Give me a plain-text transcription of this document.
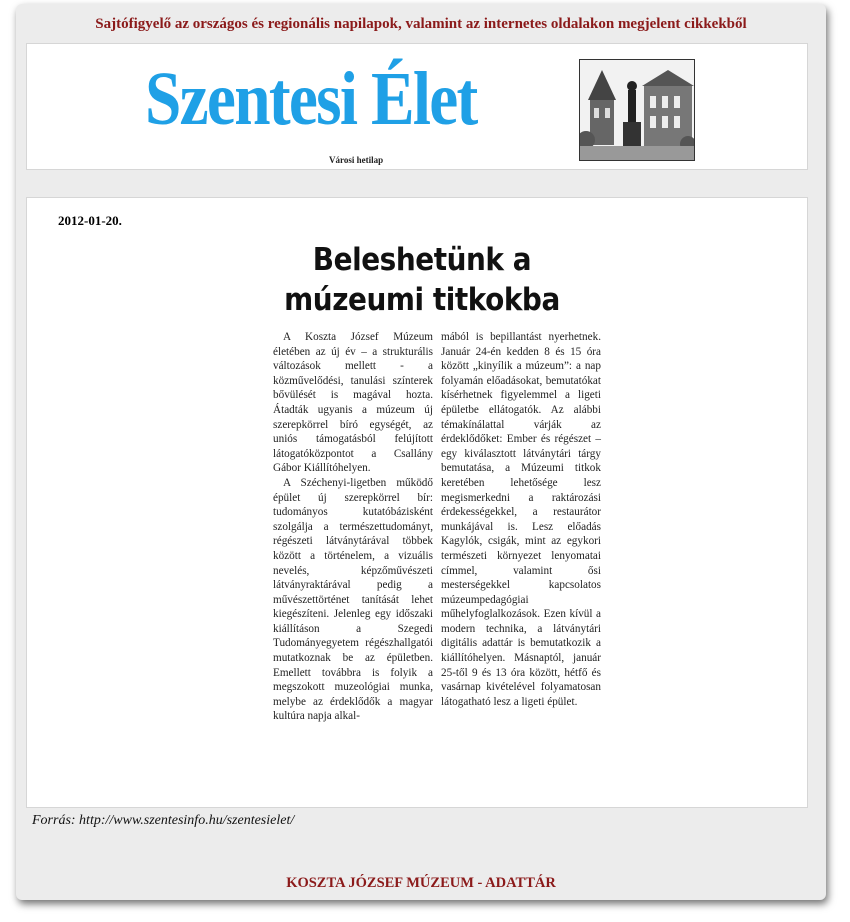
Sajtófigyelő az országos és regionális napilapok, valamint az internetes oldalakon megjelent cikkekből
Szentesi Élet
Városi hetilap
2012-01-20.
Beleshetünk a
múzeumi titkokba

A Koszta József Múzeum életében az új év – a strukturális változások mellett - a közművelődési, tanulási színterek bővülését is magával hozta. Átadták ugyanis a múzeum új szerepkörrel bíró egységét, az uniós támogatásból felújított látogatóközpontot a Csallány Gábor Kiállítóhelyen.

A Széchenyi-ligetben működő épület új szerepkörrel bír: tudományos kutatóbázisként szolgálja a természettudományt, régészeti látványtárával többek között a történelem, a vizuális nevelés, képzőművészeti látványraktárával pedig a művészettörténet tanítását lehet kiegészíteni. Jelenleg egy időszaki kiállításon a Szegedi Tudományegyetem régészhallgatói mutatkoznak be az épületben. Emellett továbbra is folyik a megszokott muzeológiai munka, melybe az érdeklődők a magyar kultúra napja alkal-

mából is bepillantást nyerhetnek. Január 24-én kedden 8 és 15 óra között „kinyílik a múzeum”: a nap folyamán előadásokat, bemutatókat kísérhetnek figyelemmel a ligeti épületbe ellátogatók. Az alábbi témakínálattal várják az érdeklődőket: Ember és régészet – egy kiválasztott látványtári tárgy bemutatása, a Múzeumi titkok keretében lehetősége lesz megismerkedni a raktározási érdekességekkel, a restaurátor munkájával is. Lesz előadás Kagylók, csigák, mint az egykori természeti környezet lenyomatai címmel, valamint ősi mesterségekkel kapcsolatos múzeumpedagógiai műhelyfoglalkozások. Ezen kívül a modern technika, a látványtári digitális adattár is bemutatkozik a kiállítóhelyen. Másnaptól, január 25-től 9 és 13 óra között, hétfő és vasárnap kivételével folyamatosan látogatható lesz a ligeti épület.

Forrás: http://www.szentesinfo.hu/szentesielet/
KOSZTA JÓZSEF MÚZEUM - ADATTÁR
